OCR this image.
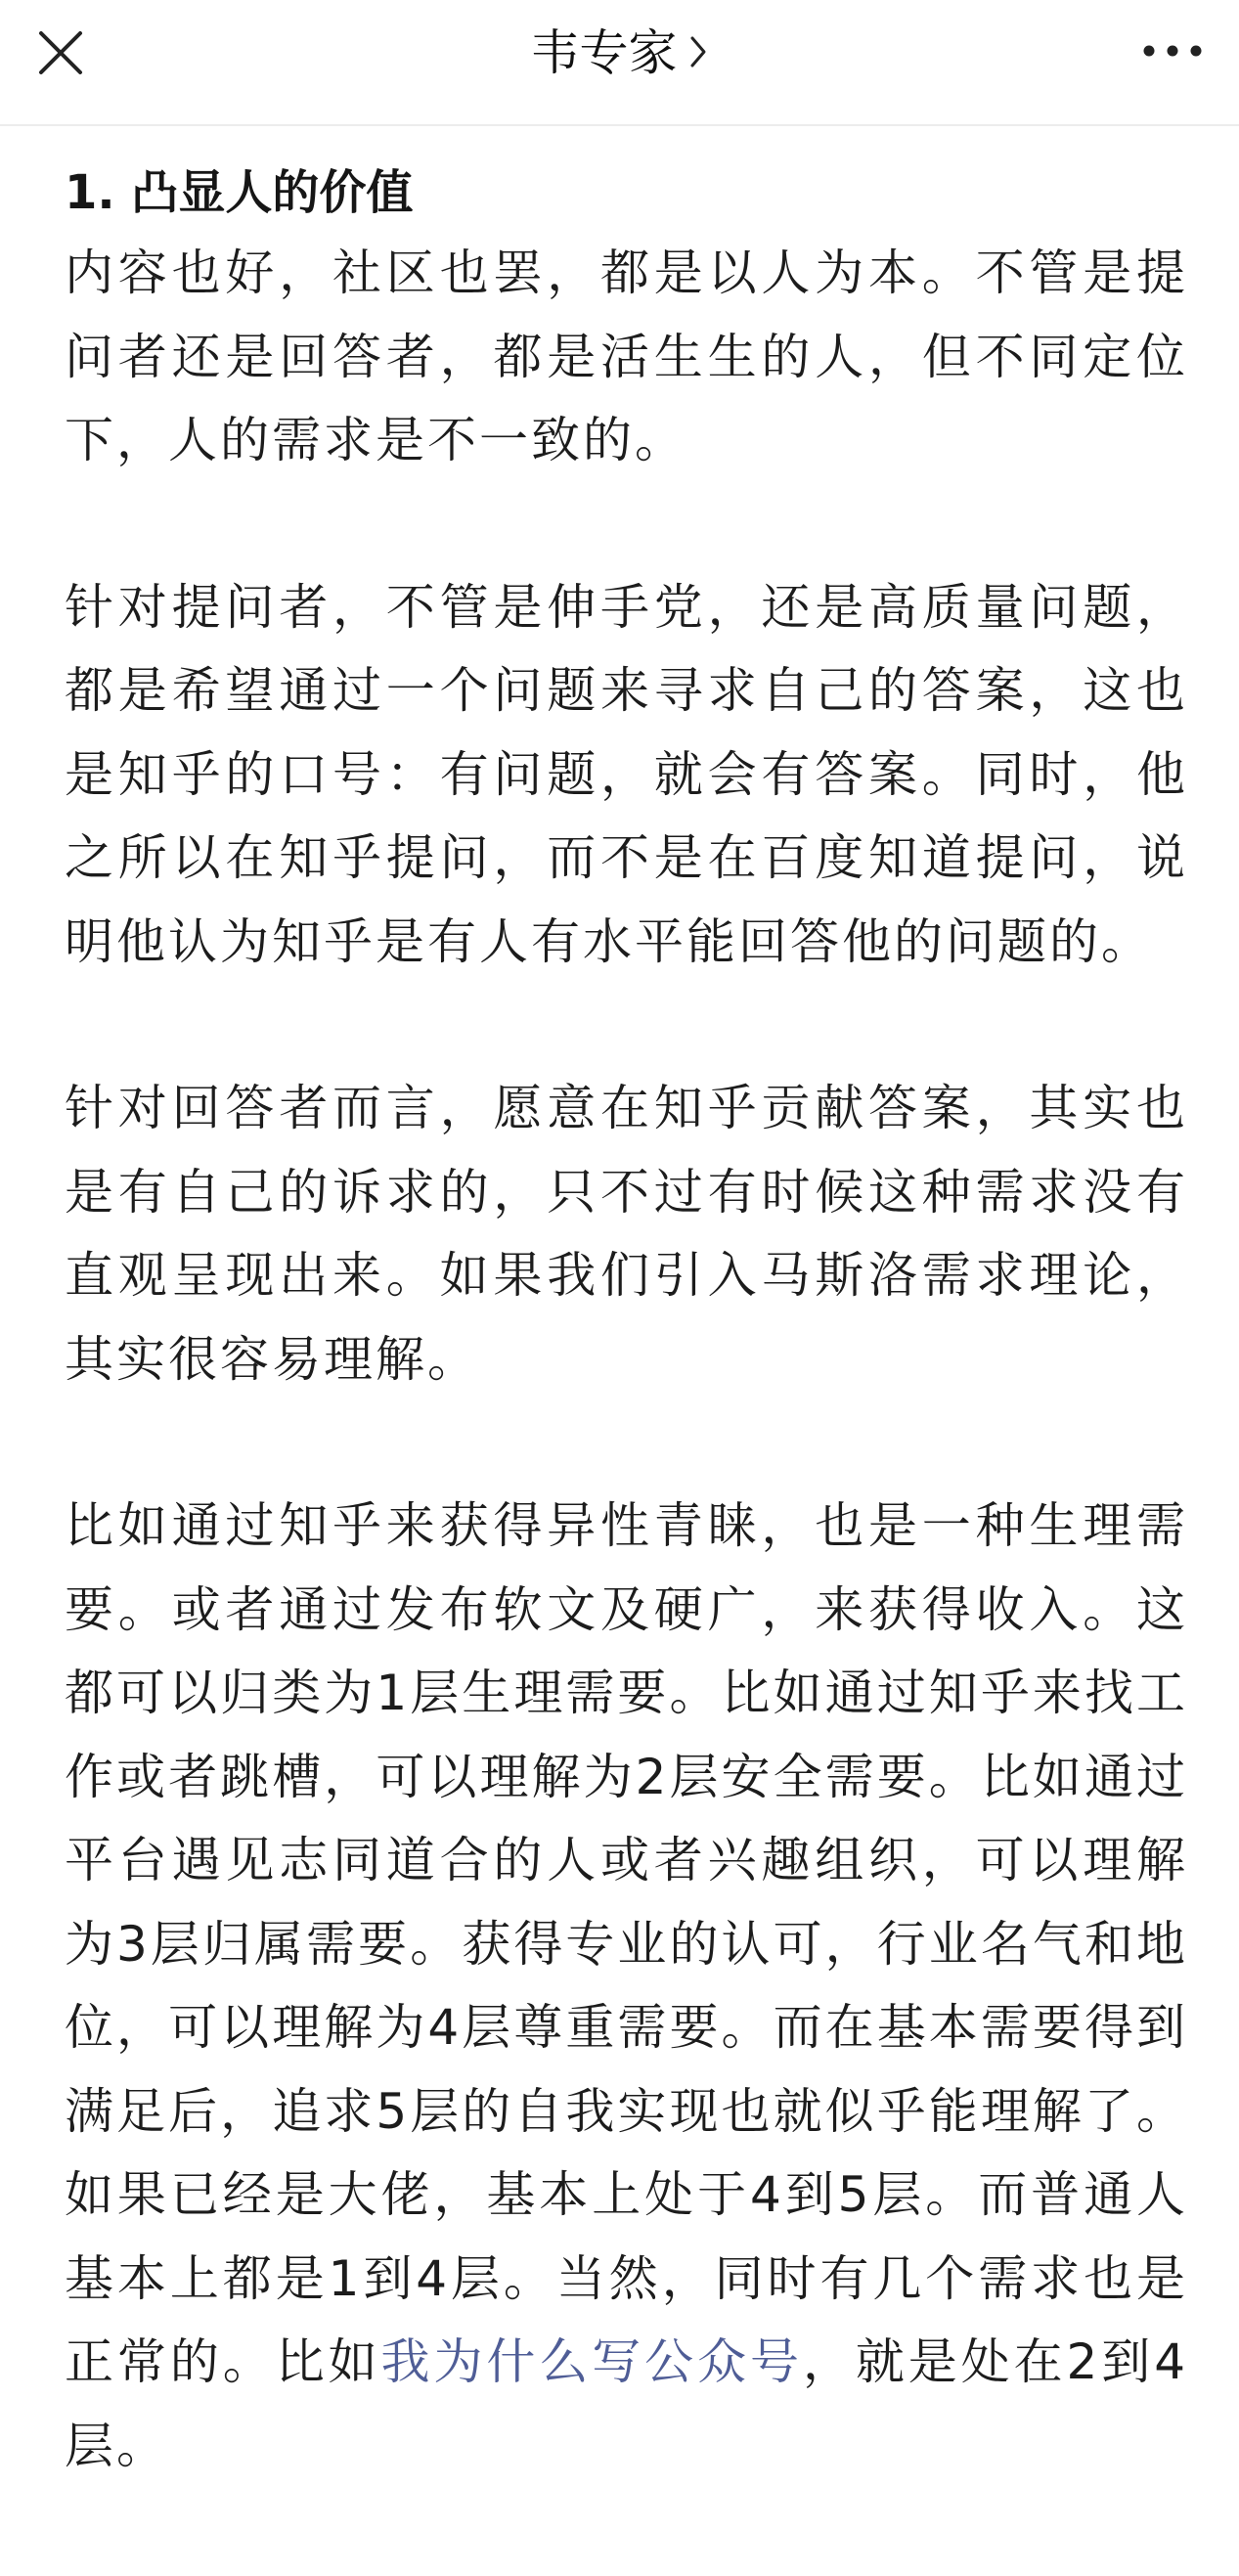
韦专家
1. 凸显人的价值

内容也好，社区也罢，都是以人为本。不管是提问者还是回答者，都是活生生的人，但不同定位下，人的需求是不一致的。

针对提问者，不管是伸手党，还是高质量问题，都是希望通过一个问题来寻求自己的答案，这也是知乎的口号：有问题，就会有答案。同时，他之所以在知乎提问，而不是在百度知道提问，说明他认为知乎是有人有水平能回答他的问题的。

针对回答者而言，愿意在知乎贡献答案，其实也是有自己的诉求的，只不过有时候这种需求没有直观呈现出来。如果我们引入马斯洛需求理论，其实很容易理解。

比如通过知乎来获得异性青睐，也是一种生理需要。或者通过发布软文及硬广，来获得收入。这都可以归类为1层生理需要。比如通过知乎来找工作或者跳槽，可以理解为2层安全需要。比如通过平台遇见志同道合的人或者兴趣组织，可以理解为3层归属需要。获得专业的认可，行业名气和地位，可以理解为4层尊重需要。而在基本需要得到满足后，追求5层的自我实现也就似乎能理解了。如果已经是大佬，基本上处于4到5层。而普通人基本上都是1到4层。当然，同时有几个需求也是正常的。比如我为什么写公众号，就是处在2到4层。
